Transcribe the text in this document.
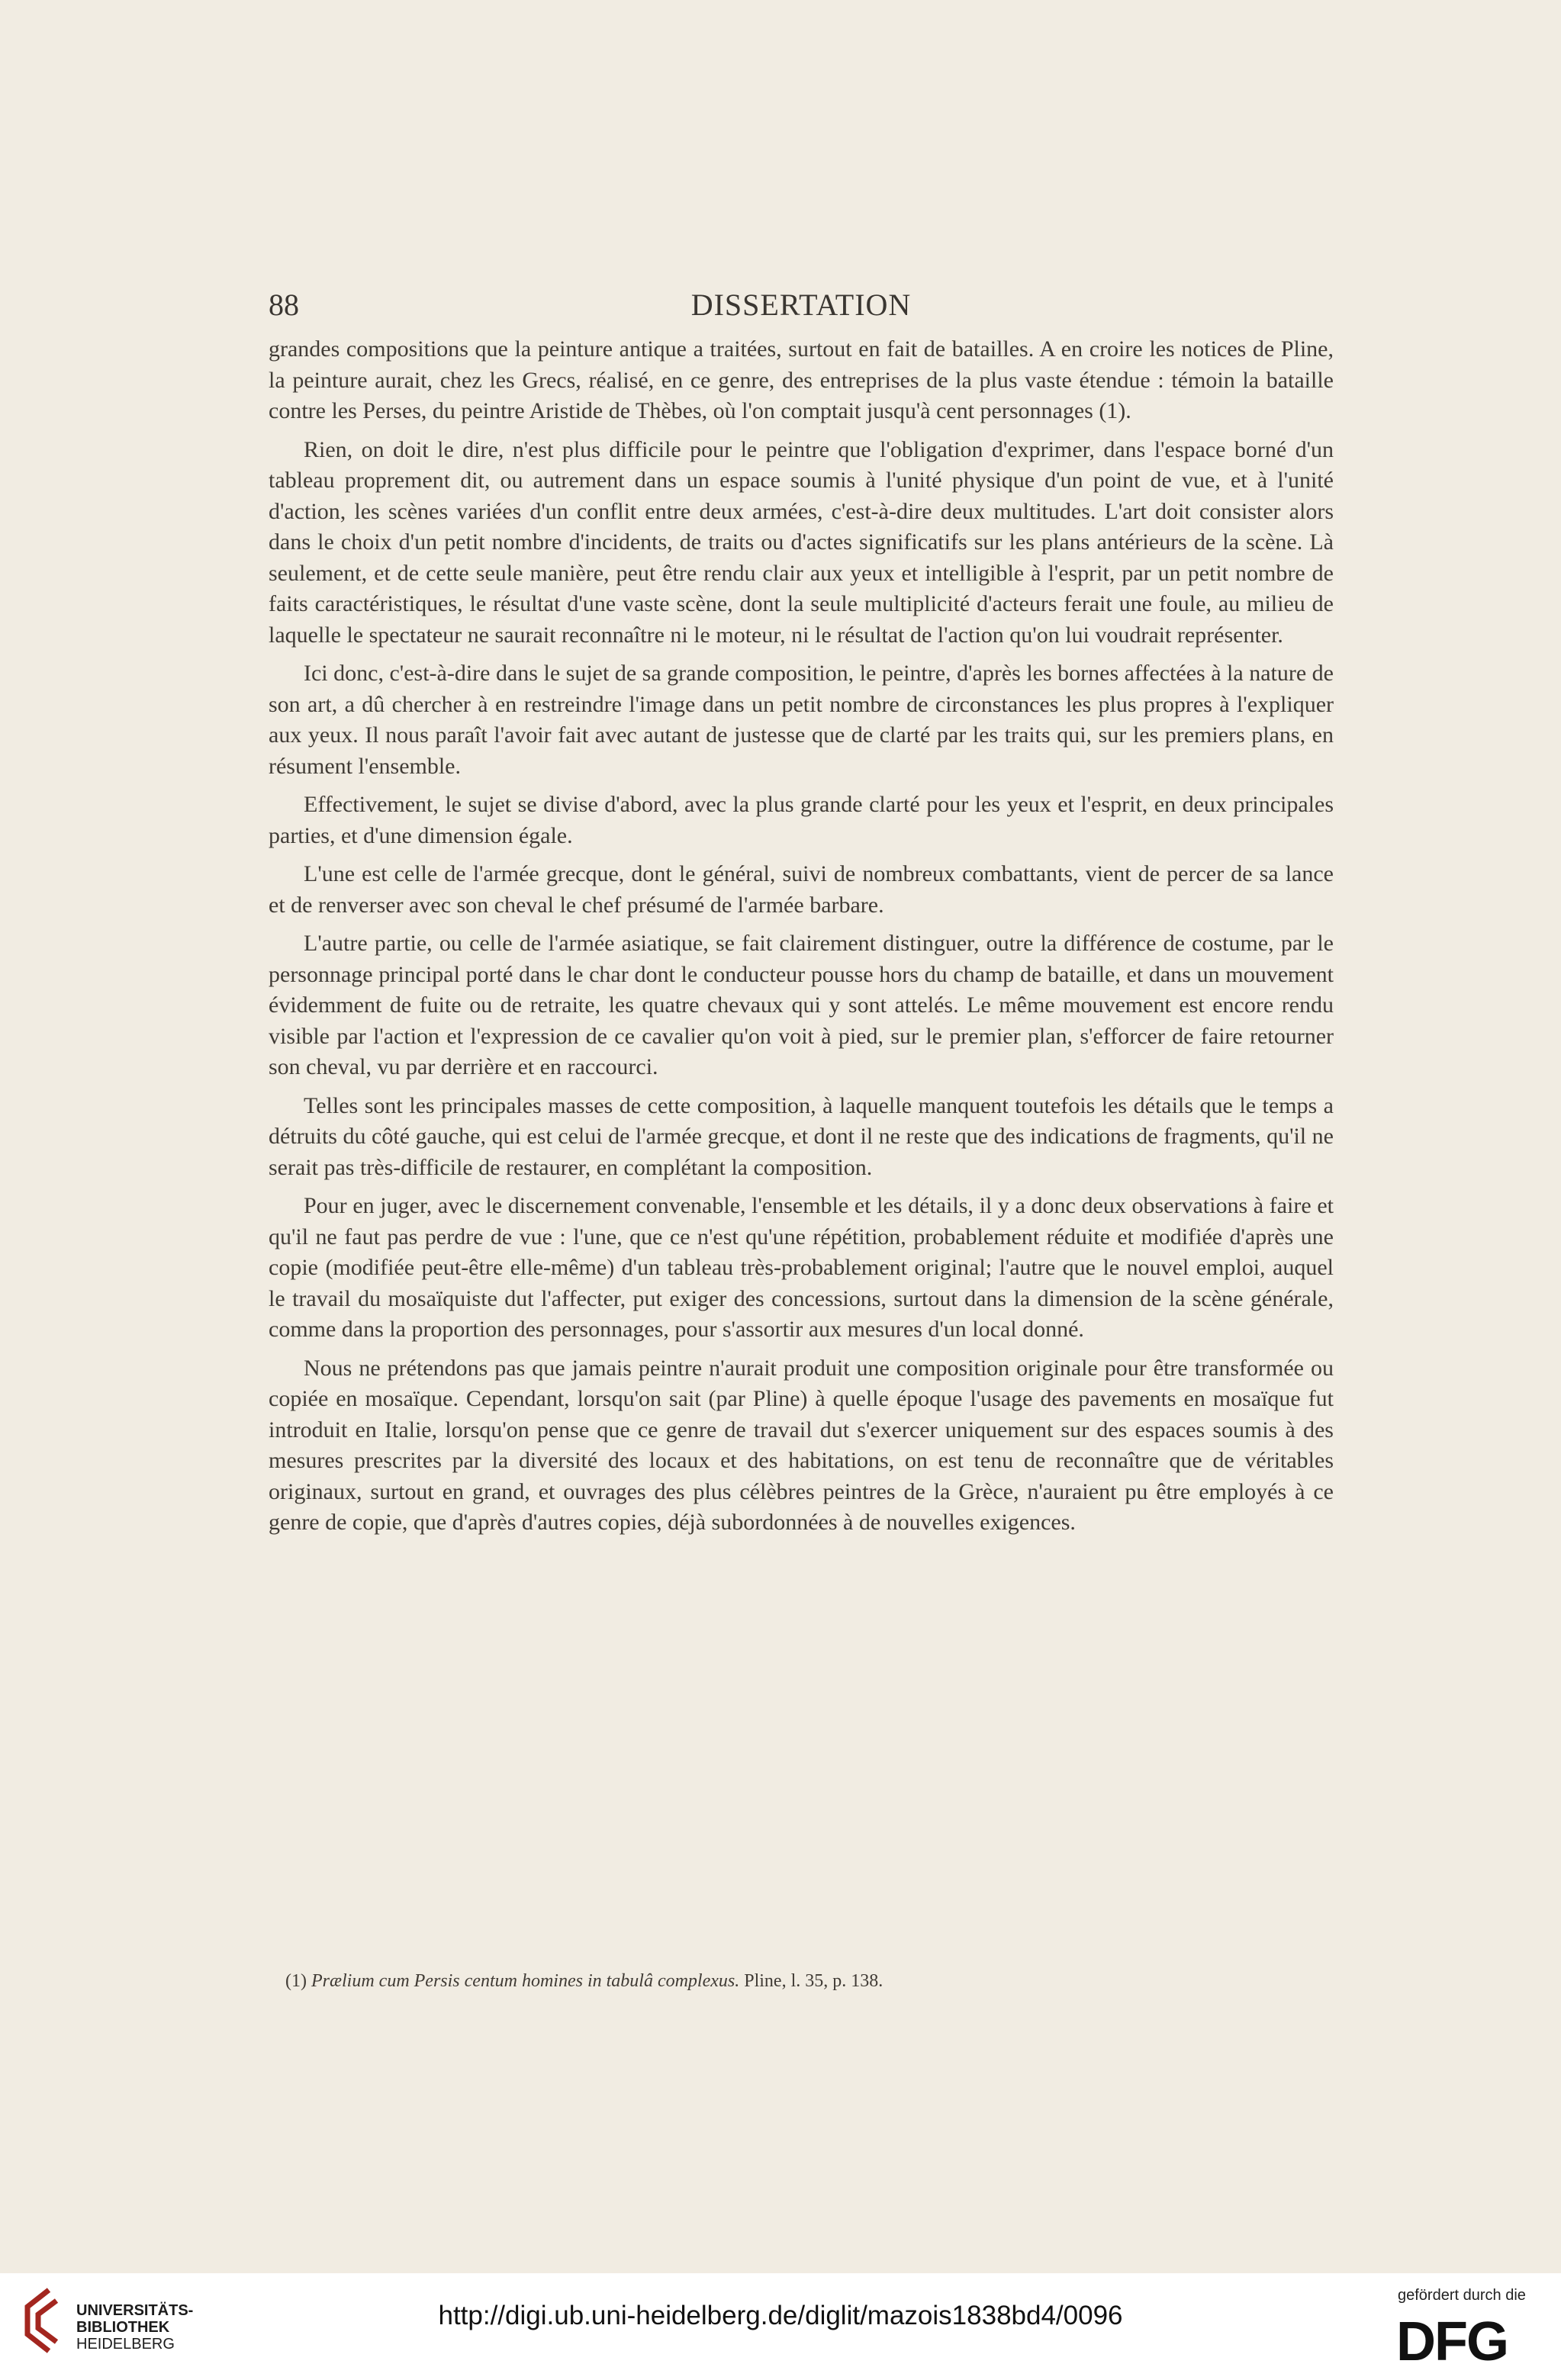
88	DISSERTATION

grandes compositions que la peinture antique a traitées, surtout en fait de batailles. A en croire les notices de Pline, la peinture aurait, chez les Grecs, réalisé, en ce genre, des entreprises de la plus vaste étendue : témoin la bataille contre les Perses, du peintre Aristide de Thèbes, où l'on comptait jusqu'à cent personnages (1).

Rien, on doit le dire, n'est plus difficile pour le peintre que l'obligation d'exprimer, dans l'espace borné d'un tableau proprement dit, ou autrement dans un espace soumis à l'unité physique d'un point de vue, et à l'unité d'action, les scènes variées d'un conflit entre deux armées, c'est-à-dire deux multitudes. L'art doit consister alors dans le choix d'un petit nombre d'incidents, de traits ou d'actes significatifs sur les plans antérieurs de la scène. Là seulement, et de cette seule manière, peut être rendu clair aux yeux et intelligible à l'esprit, par un petit nombre de faits caractéristiques, le résultat d'une vaste scène, dont la seule multiplicité d'acteurs ferait une foule, au milieu de laquelle le spectateur ne saurait reconnaître ni le moteur, ni le résultat de l'action qu'on lui voudrait représenter.

Ici donc, c'est-à-dire dans le sujet de sa grande composition, le peintre, d'après les bornes affectées à la nature de son art, a dû chercher à en restreindre l'image dans un petit nombre de circonstances les plus propres à l'expliquer aux yeux. Il nous paraît l'avoir fait avec autant de justesse que de clarté par les traits qui, sur les premiers plans, en résument l'ensemble.

Effectivement, le sujet se divise d'abord, avec la plus grande clarté pour les yeux et l'esprit, en deux principales parties, et d'une dimension égale.

L'une est celle de l'armée grecque, dont le général, suivi de nombreux combattants, vient de percer de sa lance et de renverser avec son cheval le chef présumé de l'armée barbare.

L'autre partie, ou celle de l'armée asiatique, se fait clairement distinguer, outre la différence de costume, par le personnage principal porté dans le char dont le conducteur pousse hors du champ de bataille, et dans un mouvement évidemment de fuite ou de retraite, les quatre chevaux qui y sont attelés. Le même mouvement est encore rendu visible par l'action et l'expression de ce cavalier qu'on voit à pied, sur le premier plan, s'efforcer de faire retourner son cheval, vu par derrière et en raccourci.

Telles sont les principales masses de cette composition, à laquelle manquent toutefois les détails que le temps a détruits du côté gauche, qui est celui de l'armée grecque, et dont il ne reste que des indications de fragments, qu'il ne serait pas très-difficile de restaurer, en complétant la composition.

Pour en juger, avec le discernement convenable, l'ensemble et les détails, il y a donc deux observations à faire et qu'il ne faut pas perdre de vue : l'une, que ce n'est qu'une répétition, probablement réduite et modifiée d'après une copie (modifiée peut-être elle-même) d'un tableau très-probablement original; l'autre que le nouvel emploi, auquel le travail du mosaïquiste dut l'affecter, put exiger des concessions, surtout dans la dimension de la scène générale, comme dans la proportion des personnages, pour s'assortir aux mesures d'un local donné.

Nous ne prétendons pas que jamais peintre n'aurait produit une composition originale pour être transformée ou copiée en mosaïque. Cependant, lorsqu'on sait (par Pline) à quelle époque l'usage des pavements en mosaïque fut introduit en Italie, lorsqu'on pense que ce genre de travail dut s'exercer uniquement sur des espaces soumis à des mesures prescrites par la diversité des locaux et des habitations, on est tenu de reconnaître que de véritables originaux, surtout en grand, et ouvrages des plus célèbres peintres de la Grèce, n'auraient pu être employés à ce genre de copie, que d'après d'autres copies, déjà subordonnées à de nouvelles exigences.

(1) Prælium cum Persis centum homines in tabulâ complexus. Pline, l. 35, p. 138.
UNIVERSITÄTS-
BIBLIOTHEK
HEIDELBERG
http://digi.ub.uni-heidelberg.de/diglit/mazois1838bd4/0096
gefördert durch die
DFG
